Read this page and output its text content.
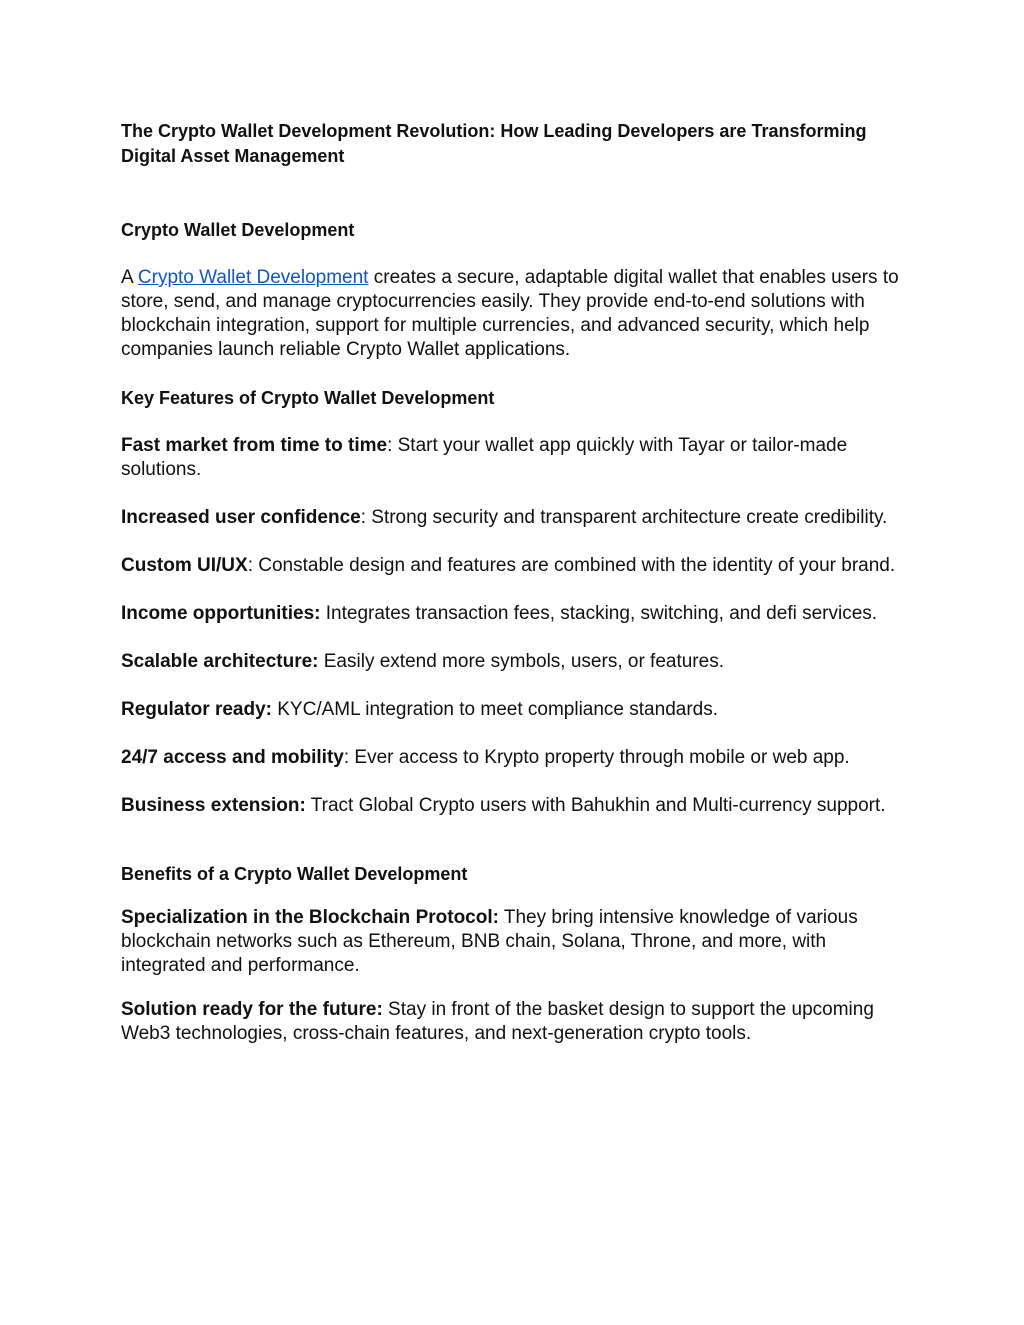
The Crypto Wallet Development Revolution: How Leading Developers are Transforming Digital Asset Management
Crypto Wallet Development

A Crypto Wallet Development creates a secure, adaptable digital wallet that enables users to store, send, and manage cryptocurrencies easily. They provide end-to-end solutions with blockchain integration, support for multiple currencies, and advanced security, which help companies launch reliable Crypto Wallet applications.

Key Features of Crypto Wallet Development

Fast market from time to time: Start your wallet app quickly with Tayar or tailor-made solutions.

Increased user confidence: Strong security and transparent architecture create credibility.

Custom UI/UX: Constable design and features are combined with the identity of your brand.

Income opportunities: Integrates transaction fees, stacking, switching, and defi services.

Scalable architecture: Easily extend more symbols, users, or features.

Regulator ready: KYC/AML integration to meet compliance standards.

24/7 access and mobility: Ever access to Krypto property through mobile or web app.

Business extension: Tract Global Crypto users with Bahukhin and Multi-currency support.

Benefits of a Crypto Wallet Development

Specialization in the Blockchain Protocol: They bring intensive knowledge of various blockchain networks such as Ethereum, BNB chain, Solana, Throne, and more, with integrated and performance.

Solution ready for the future: Stay in front of the basket design to support the upcoming Web3 technologies, cross-chain features, and next-generation crypto tools.
